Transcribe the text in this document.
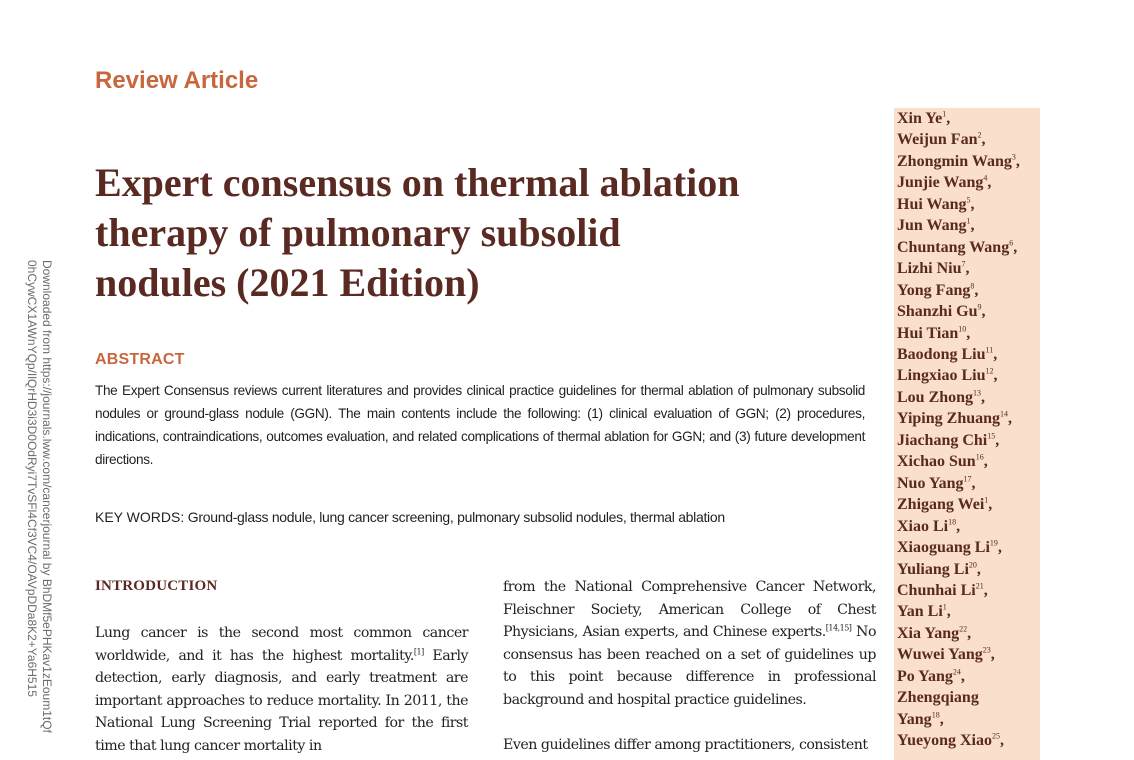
Downloaded from https://journals.lww.com/cancerjournal by BhDMf5ePHKav1zEoum1tQf
0hCywCX1AWnYQp/IlQrHD3i3D0OdRyi7TvSFl4Cf3VC4/OAVpDDa8K2+Ya6H515
Review Article
Expert consensus on thermal ablation
therapy of pulmonary subsolid
nodules (2021 Edition)
ABSTRACT

The Expert Consensus reviews current literatures and provides clinical practice guidelines for thermal ablation of pulmonary subsolid nodules or ground-glass nodule (GGN). The main contents include the following: (1) clinical evaluation of GGN; (2) procedures, indications, contraindications, outcomes evaluation, and related complications of thermal ablation for GGN; and (3) future development directions.

KEY WORDS: Ground-glass nodule, lung cancer screening, pulmonary subsolid nodules, thermal ablation

INTRODUCTION

Lung cancer is the second most common cancer worldwide, and it has the highest mortality.[1] Early detection, early diagnosis, and early treatment are important approaches to reduce mortality. In 2011, the National Lung Screening Trial reported for the first time that lung cancer mortality in

from the National Comprehensive Cancer Network, Fleischner Society, American College of Chest Physicians, Asian experts, and Chinese experts.[14,15] No consensus has been reached on a set of guidelines up to this point because difference in professional background and hospital practice guidelines.

Even guidelines differ among practitioners, consistent

Xin Ye$^1$,
Weijun Fan$^2$,
Zhongmin Wang$^3$,
Junjie Wang$^4$,
Hui Wang$^5$,
Jun Wang$^1$,
Chuntang Wang$^6$,
Lizhi Niu$^7$,
Yong Fang$^8$,
Shanzhi Gu$^9$,
Hui Tian$^{10}$,
Baodong Liu$^{11}$,
Lingxiao Liu$^{12}$,
Lou Zhong$^{13}$,
Yiping Zhuang$^{14}$,
Jiachang Chi$^{15}$,
Xichao Sun$^{16}$,
Nuo Yang$^{17}$,
Zhigang Wei$^1$,
Xiao Li$^{18}$,
Xiaoguang Li$^{19}$,
Yuliang Li$^{20}$,
Chunhai Li$^{21}$,
Yan Li$^1$,
Xia Yang$^{22}$,
Wuwei Yang$^{23}$,
Po Yang$^{24}$,
Zhengqiang
Yang$^{18}$,
Yueyong Xiao$^{25}$,
